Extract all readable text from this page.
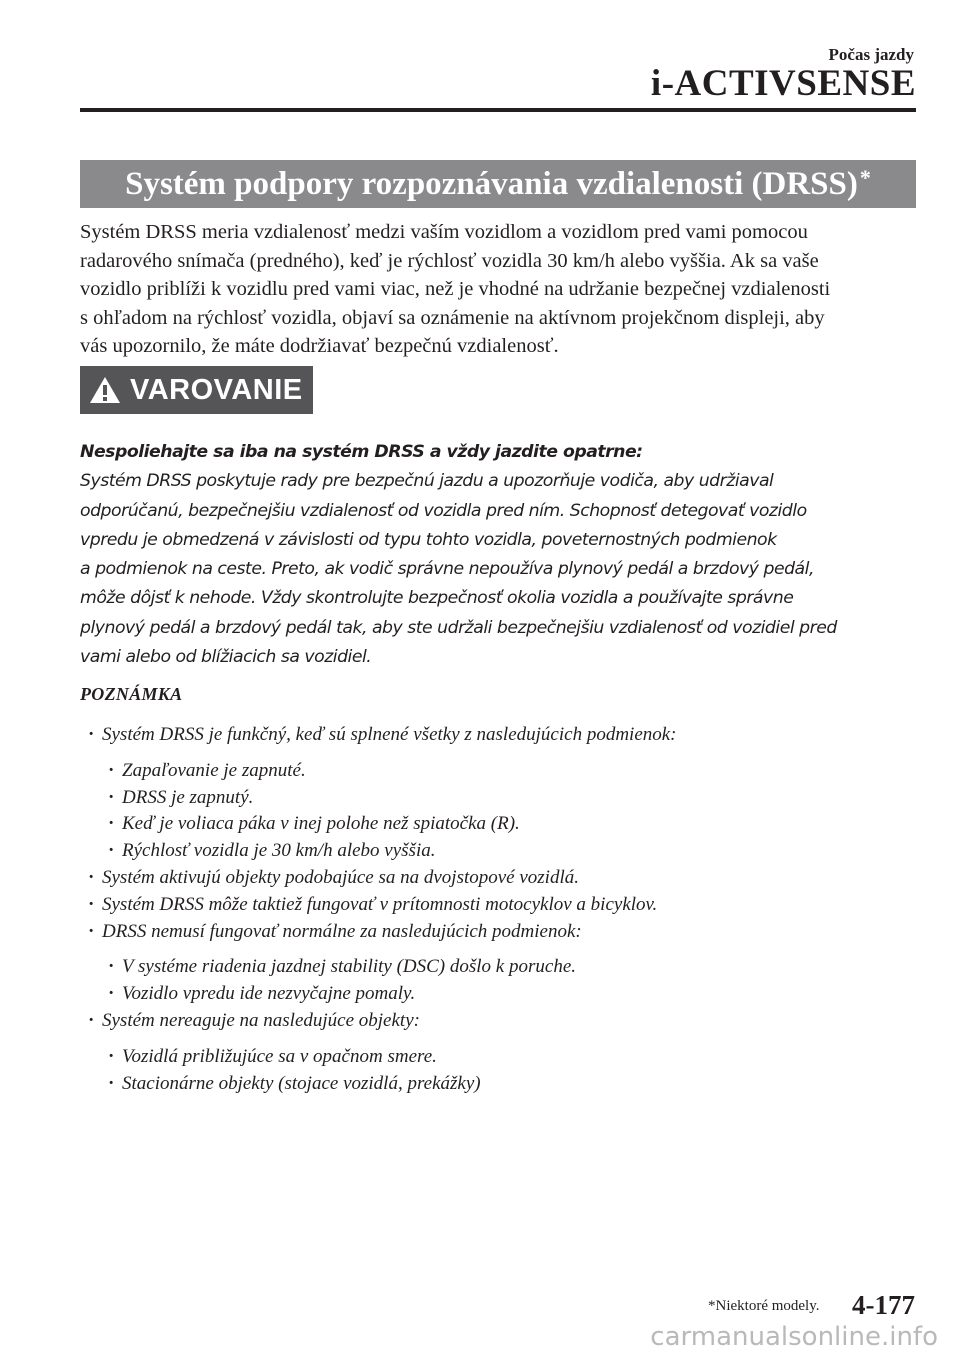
Počas jazdy
i-ACTIVSENSE
Systém podpory rozpoznávania vzdialenosti (DRSS)*

Systém DRSS meria vzdialenosť medzi vaším vozidlom a vozidlom pred vami pomocou
radarového snímača (predného), keď je rýchlosť vozidla 30 km/h alebo vyššia. Ak sa vaše
vozidlo priblíži k vozidlu pred vami viac, než je vhodné na udržanie bezpečnej vzdialenosti
s ohľadom na rýchlosť vozidla, objaví sa oznámenie na aktívnom projekčnom displeji, aby
vás upozornilo, že máte dodržiavať bezpečnú vzdialenosť.

VAROVANIE

Nespoliehajte sa iba na systém DRSS a vždy jazdite opatrne:
Systém DRSS poskytuje rady pre bezpečnú jazdu a upozorňuje vodiča, aby udržiaval
odporúčanú, bezpečnejšiu vzdialenosť od vozidla pred ním. Schopnosť detegovať vozidlo
vpredu je obmedzená v závislosti od typu tohto vozidla, poveternostných podmienok
a podmienok na ceste. Preto, ak vodič správne nepoužíva plynový pedál a brzdový pedál,
môže dôjsť k nehode. Vždy skontrolujte bezpečnosť okolia vozidla a používajte správne
plynový pedál a brzdový pedál tak, aby ste udržali bezpečnejšiu vzdialenosť od vozidiel pred
vami alebo od blížiacich sa vozidiel.

POZNÁMKA
· Systém DRSS je funkčný, keď sú splnené všetky z nasledujúcich podmienok:
· Zapaľovanie je zapnuté.
· DRSS je zapnutý.
· Keď je voliaca páka v inej polohe než spiatočka (R).
· Rýchlosť vozidla je 30 km/h alebo vyššia.
· Systém aktivujú objekty podobajúce sa na dvojstopové vozidlá.
· Systém DRSS môže taktiež fungovať v prítomnosti motocyklov a bicyklov.
· DRSS nemusí fungovať normálne za nasledujúcich podmienok:
· V systéme riadenia jazdnej stability (DSC) došlo k poruche.
· Vozidlo vpredu ide nezvyčajne pomaly.
· Systém nereaguje na nasledujúce objekty:
· Vozidlá približujúce sa v opačnom smere.
· Stacionárne objekty (stojace vozidlá, prekážky)
*Niektoré modely. 4-177
carmanualsonline.info
